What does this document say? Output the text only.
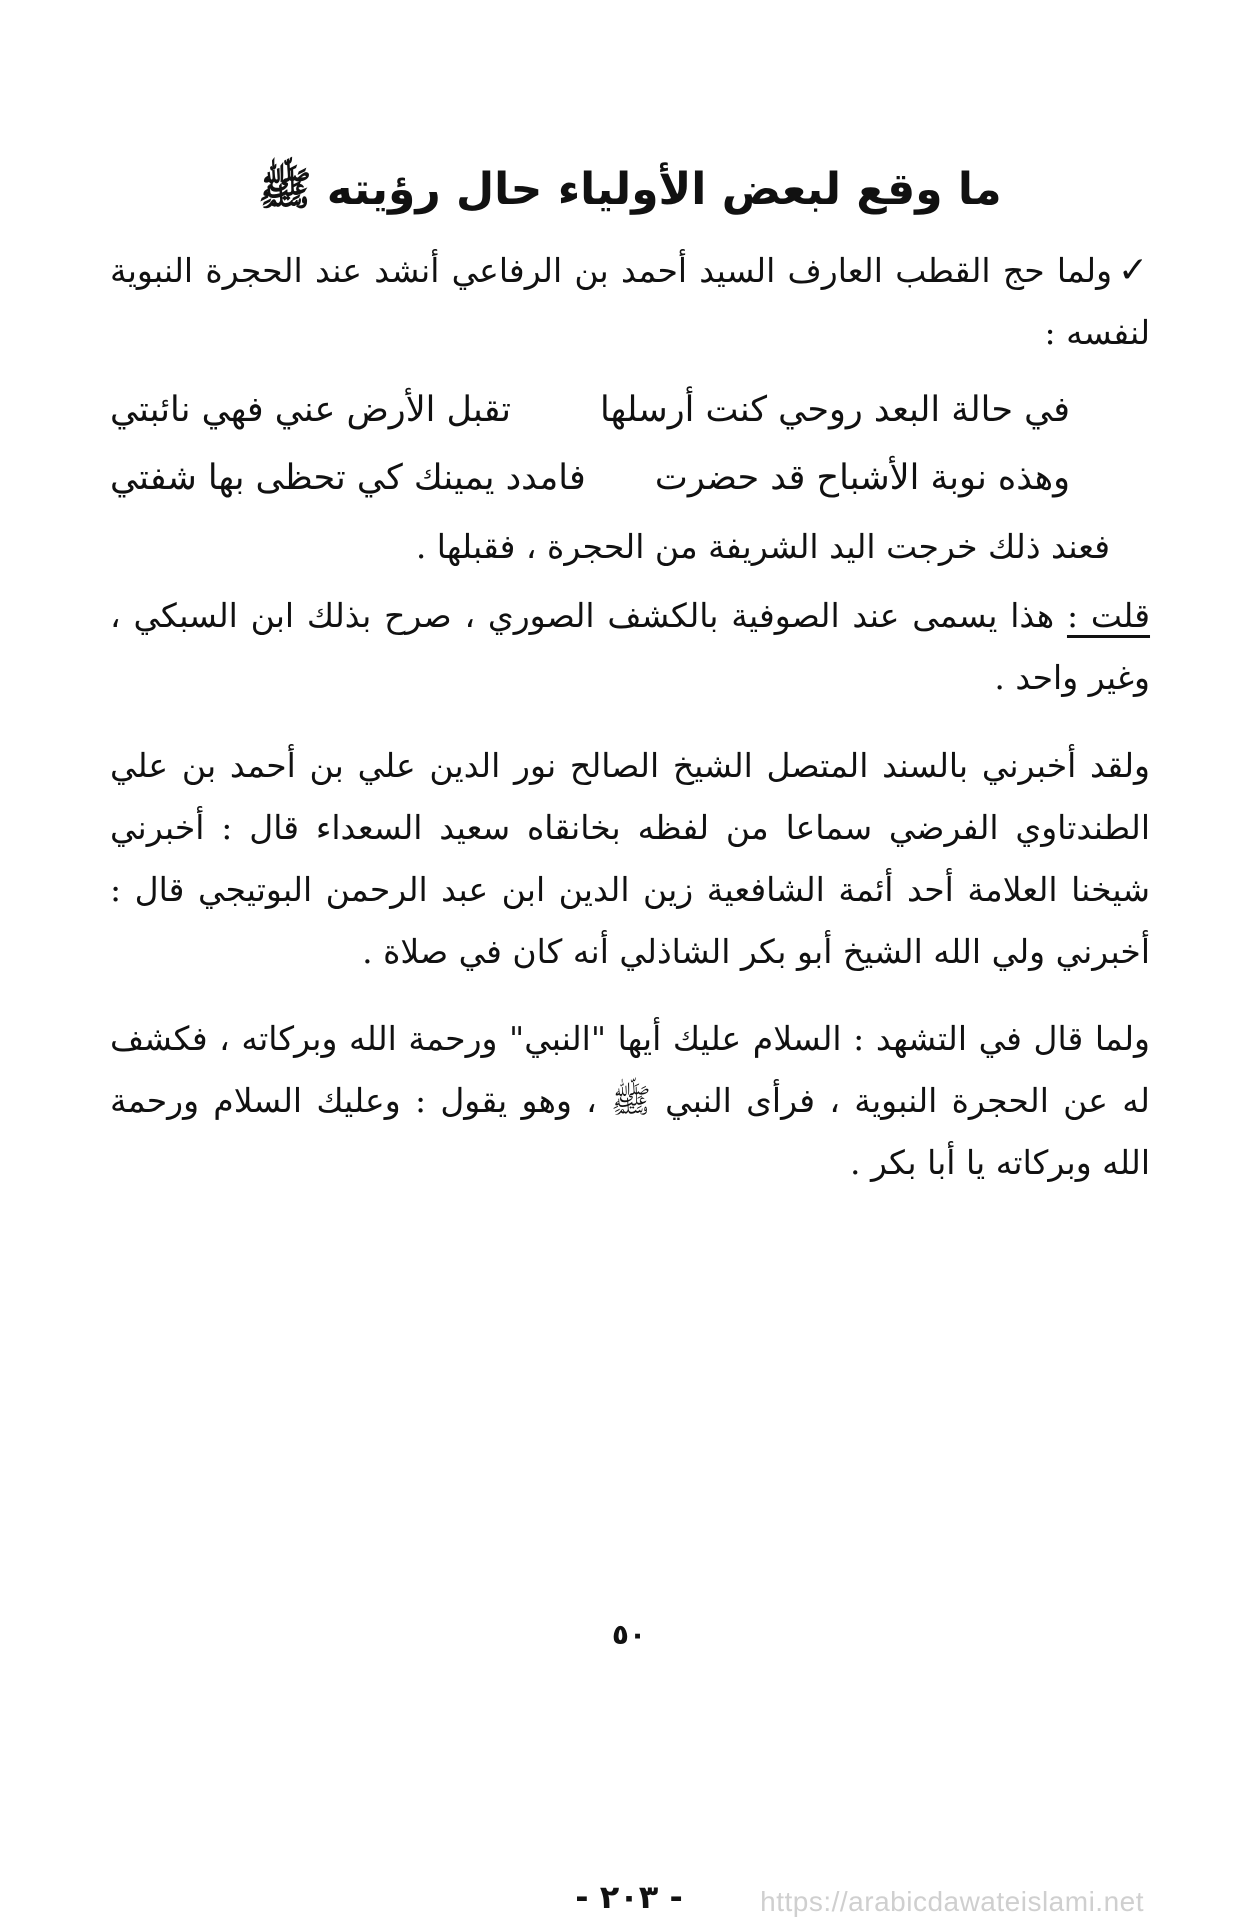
ما وقع لبعض الأولياء حال رؤيته ﷺ

✓ولما حج القطب العارف السيد أحمد بن الرفاعي أنشد عند الحجرة النبوية لنفسه :

في حالة البعد روحي كنت أرسلها
تقبل الأرض عني فهي نائبتي
وهذه نوبة الأشباح قد حضرت
فامدد يمينك كي تحظى بها شفتي

فعند ذلك خرجت اليد الشريفة من الحجرة ، فقبلها .

قلت : هذا يسمى عند الصوفية بالكشف الصوري ، صرح بذلك ابن السبكي ، وغير واحد .

ولقد أخبرني بالسند المتصل الشيخ الصالح نور الدين علي بن أحمد بن علي الطندتاوي الفرضي سماعا من لفظه بخانقاه سعيد السعداء قال : أخبرني شيخنا العلامة أحد أئمة الشافعية زين الدين ابن عبد الرحمن البوتيجي قال : أخبرني ولي الله الشيخ أبو بكر الشاذلي أنه كان في صلاة .

ولما قال في التشهد : السلام عليك أيها "النبي" ورحمة الله وبركاته ، فكشف له عن الحجرة النبوية ، فرأى النبي ﷺ ، وهو يقول : وعليك السلام ورحمة الله وبركاته يا أبا بكر .

٥٠
- ٢٠٣ -	https://arabicdawateislami.net
